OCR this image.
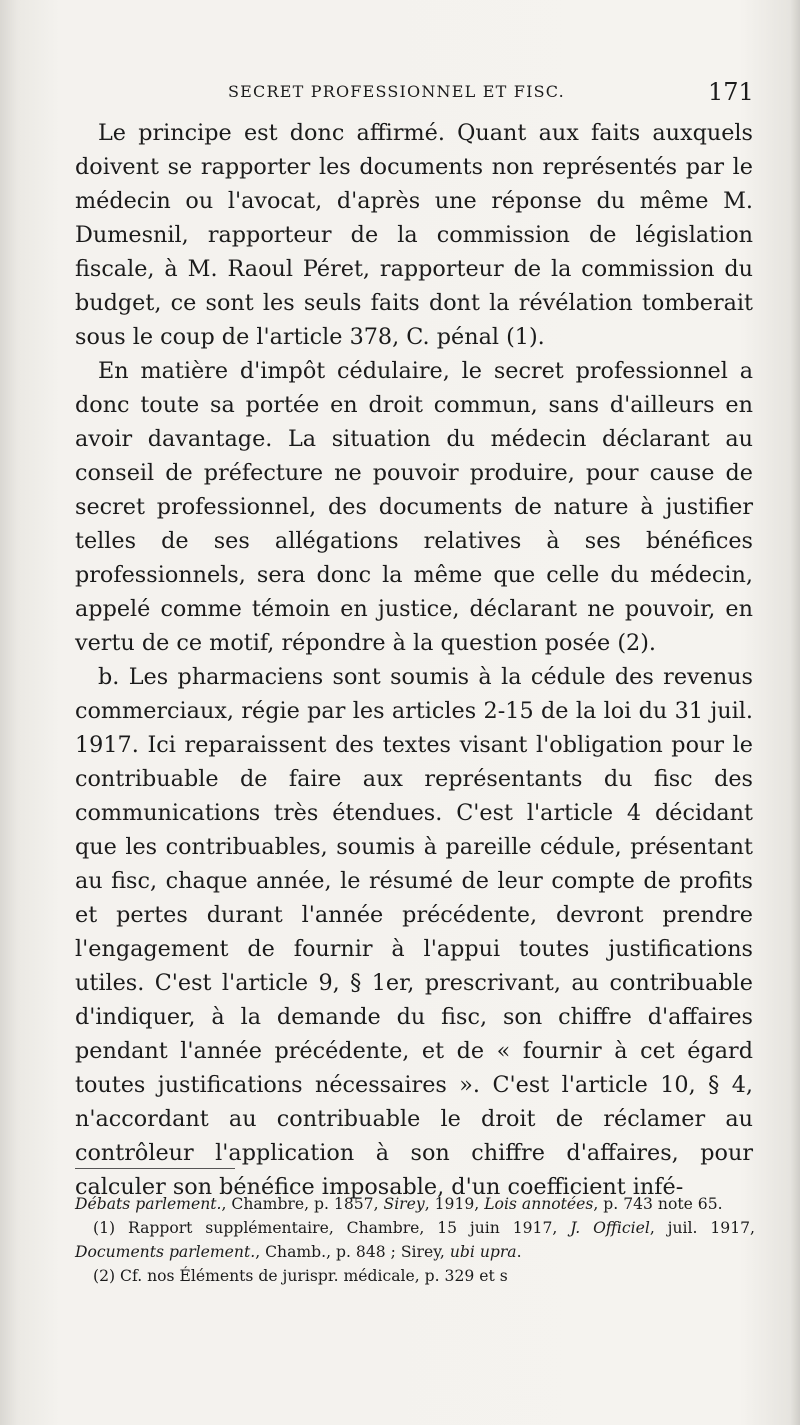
SECRET PROFESSIONNEL ET FISC.	171

Le principe est donc affirmé. Quant aux faits auxquels doivent se rapporter les documents non représentés par le médecin ou l'avocat, d'après une réponse du même M. Dumesnil, rapporteur de la commission de législation fiscale, à M. Raoul Péret, rapporteur de la commission du budget, ce sont les seuls faits dont la révélation tomberait sous le coup de l'article 378, C. pénal (1).

En matière d'impôt cédulaire, le secret professionnel a donc toute sa portée en droit commun, sans d'ailleurs en avoir davantage. La situation du médecin déclarant au conseil de préfecture ne pouvoir produire, pour cause de secret professionnel, des documents de nature à justifier telles de ses allégations relatives à ses bénéfices professionnels, sera donc la même que celle du médecin, appelé comme témoin en justice, déclarant ne pouvoir, en vertu de ce motif, répondre à la question posée (2).

b. Les pharmaciens sont soumis à la cédule des revenus commerciaux, régie par les articles 2-15 de la loi du 31 juil. 1917. Ici reparaissent des textes visant l'obligation pour le contribuable de faire aux représentants du fisc des communications très étendues. C'est l'article 4 décidant que les contribuables, soumis à pareille cédule, présentant au fisc, chaque année, le résumé de leur compte de profits et pertes durant l'année précédente, devront prendre l'engagement de fournir à l'appui toutes justifications utiles. C'est l'article 9, § 1er, prescrivant, au contribuable d'indiquer, à la demande du fisc, son chiffre d'affaires pendant l'année précédente, et de « fournir à cet égard toutes justifications nécessaires ». C'est l'article 10, § 4, n'accordant au contribuable le droit de réclamer au contrôleur l'application à son chiffre d'affaires, pour calculer son bénéfice imposable, d'un coefficient infé-

Débats parlement., Chambre, p. 1857, Sirey, 1919, Lois annotées, p. 743 note 65.

(1) Rapport supplémentaire, Chambre, 15 juin 1917, J. Officiel, juil. 1917, Documents parlement., Chamb., p. 848 ; Sirey, ubi upra.

(2) Cf. nos Éléments de jurispr. médicale, p. 329 et s
